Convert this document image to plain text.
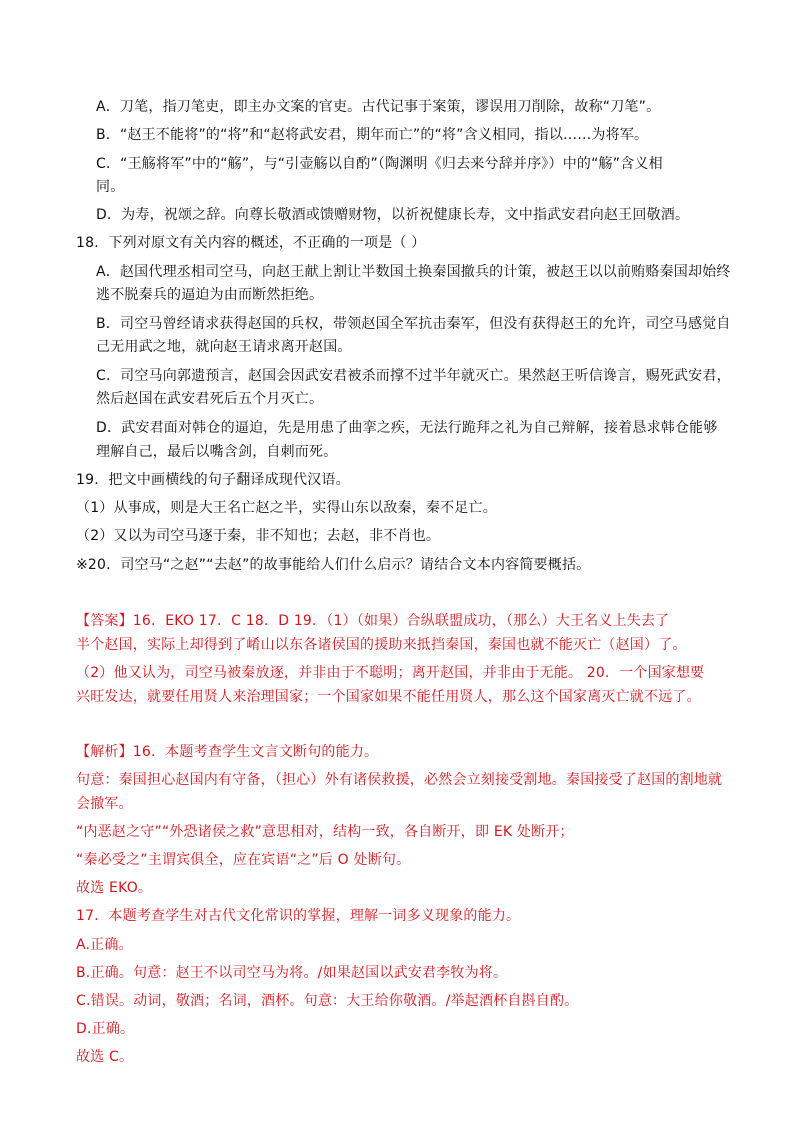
A．刀笔，指刀笔吏，即主办文案的官吏。古代记事于案策，谬误用刀削除，故称“刀笔”。
B．“赵王不能将”的“将”和“赵将武安君，期年而亡”的“将”含义相同，指以……为将军。
C．“王觞将军”中的“觞”，与“引壶觞以自酌”（陶渊明《归去来兮辞并序》）中的“觞”含义相
同。
D．为寿，祝颂之辞。向尊长敬酒或馈赠财物，以祈祝健康长寿，文中指武安君向赵王回敬酒。
18．下列对原文有关内容的概述，不正确的一项是（ ）
A．赵国代理丞相司空马，向赵王献上割让半数国土换秦国撤兵的计策，被赵王以以前贿赂秦国却始终
逃不脱秦兵的逼迫为由而断然拒绝。
B．司空马曾经请求获得赵国的兵权，带领赵国全军抗击秦军，但没有获得赵王的允许，司空马感觉自
己无用武之地，就向赵王请求离开赵国。
C．司空马向郭遗预言，赵国会因武安君被杀而撑不过半年就灭亡。果然赵王听信谗言，赐死武安君，
然后赵国在武安君死后五个月灭亡。
D．武安君面对韩仓的逼迫，先是用患了曲挛之疾，无法行跪拜之礼为自己辩解，接着恳求韩仓能够
理解自己，最后以嘴含剑，自刺而死。
19．把文中画横线的句子翻译成现代汉语。
（1）从事成，则是大王名亡赵之半，实得山东以敌秦，秦不足亡。
（2）又以为司空马逐于秦，非不知也；去赵，非不肖也。
※20．司空马“之赵”“去赵”的故事能给人们什么启示？请结合文本内容简要概括。
【答案】16．EKO 17．C 18．D 19．（1）（如果）合纵联盟成功，（那么）大王名义上失去了
半个赵国，实际上却得到了崤山以东各诸侯国的援助来抵挡秦国，秦国也就不能灭亡（赵国）了。
（2）他又认为，司空马被秦放逐，并非由于不聪明；离开赵国，并非由于无能。 20．一个国家想要
兴旺发达，就要任用贤人来治理国家；一个国家如果不能任用贤人，那么这个国家离灭亡就不远了。
【解析】16．本题考查学生文言文断句的能力。
句意：秦国担心赵国内有守备，（担心）外有诸侯救援，必然会立刻接受割地。秦国接受了赵国的割地就
会撤军。
“内恶赵之守”“外恐诸侯之救”意思相对，结构一致，各自断开，即 EK 处断开；
“秦必受之”主谓宾俱全，应在宾语“之”后 O 处断句。
故选 EKO。
17．本题考查学生对古代文化常识的掌握，理解一词多义现象的能力。
A.正确。
B.正确。句意：赵王不以司空马为将。/如果赵国以武安君李牧为将。
C.错误。动词，敬酒；名词，酒杯。句意：大王给你敬酒。/举起酒杯自斟自酌。
D.正确。
故选 C。
